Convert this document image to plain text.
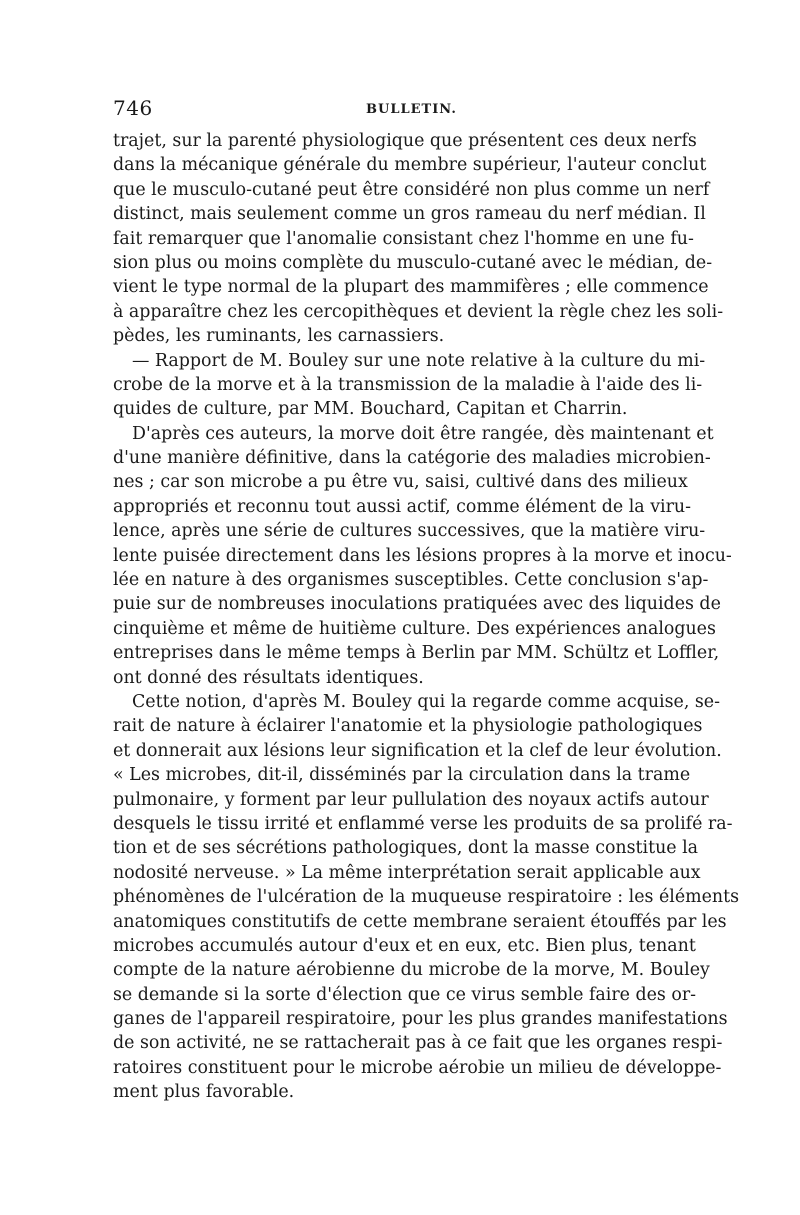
746	BULLETIN.
trajet, sur la parenté physiologique que présentent ces deux nerfs
dans la mécanique générale du membre supérieur, l'auteur conclut
que le musculo-cutané peut être considéré non plus comme un nerf
distinct, mais seulement comme un gros rameau du nerf médian. Il
fait remarquer que l'anomalie consistant chez l'homme en une fu-
sion plus ou moins complète du musculo-cutané avec le médian, de-
vient le type normal de la plupart des mammifères ; elle commence
à apparaître chez les cercopithèques et devient la règle chez les soli-
pèdes, les ruminants, les carnassiers.
— Rapport de M. Bouley sur une note relative à la culture du mi-
crobe de la morve et à la transmission de la maladie à l'aide des li-
quides de culture, par MM. Bouchard, Capitan et Charrin.
D'après ces auteurs, la morve doit être rangée, dès maintenant et
d'une manière définitive, dans la catégorie des maladies microbien-
nes ; car son microbe a pu être vu, saisi, cultivé dans des milieux
appropriés et reconnu tout aussi actif, comme élément de la viru-
lence, après une série de cultures successives, que la matière viru-
lente puisée directement dans les lésions propres à la morve et inocu-
lée en nature à des organismes susceptibles. Cette conclusion s'ap-
puie sur de nombreuses inoculations pratiquées avec des liquides de
cinquième et même de huitième culture. Des expériences analogues
entreprises dans le même temps à Berlin par MM. Schültz et Loffler,
ont donné des résultats identiques.
Cette notion, d'après M. Bouley qui la regarde comme acquise, se-
rait de nature à éclairer l'anatomie et la physiologie pathologiques
et donnerait aux lésions leur signification et la clef de leur évolution.
« Les microbes, dit-il, disséminés par la circulation dans la trame
pulmonaire, y forment par leur pullulation des noyaux actifs autour
desquels le tissu irrité et enflammé verse les produits de sa prolifé ra-
tion et de ses sécrétions pathologiques, dont la masse constitue la
nodosité nerveuse. » La même interprétation serait applicable aux
phénomènes de l'ulcération de la muqueuse respiratoire : les éléments
anatomiques constitutifs de cette membrane seraient étouffés par les
microbes accumulés autour d'eux et en eux, etc. Bien plus, tenant
compte de la nature aérobienne du microbe de la morve, M. Bouley
se demande si la sorte d'élection que ce virus semble faire des or-
ganes de l'appareil respiratoire, pour les plus grandes manifestations
de son activité, ne se rattacherait pas à ce fait que les organes respi-
ratoires constituent pour le microbe aérobie un milieu de développe-
ment plus favorable.
